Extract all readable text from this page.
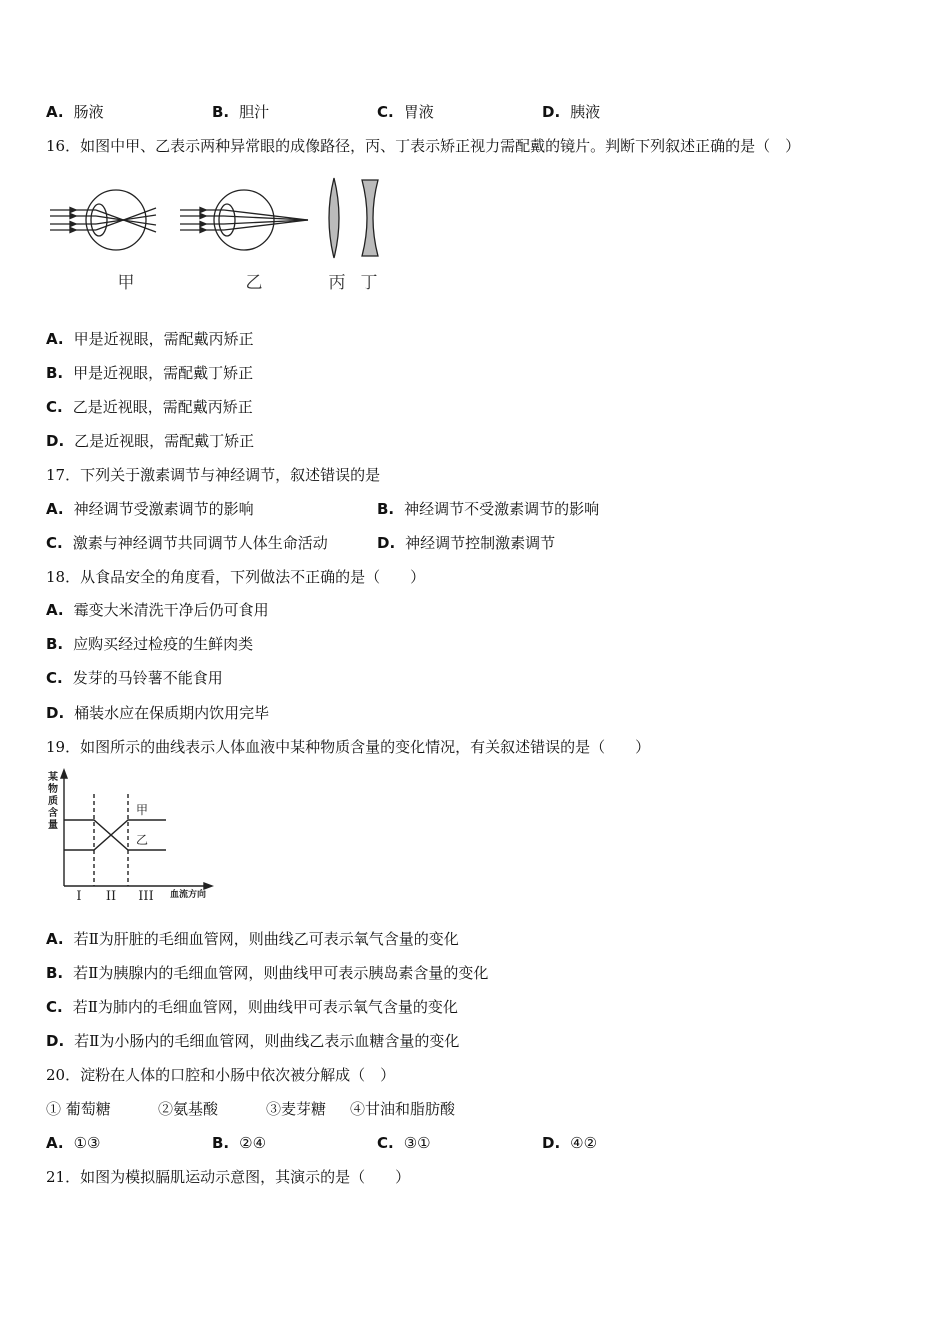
A. 肠液	B. 胆汁	C. 胃液	D. 胰液
16．如图中甲、乙表示两种异常眼的成像路径，丙、丁表示矫正视力需配戴的镜片。判断下列叙述正确的是（　）
甲	乙	丙 丁
A. 甲是近视眼，需配戴丙矫正
B. 甲是近视眼，需配戴丁矫正
C. 乙是近视眼，需配戴丙矫正
D. 乙是近视眼，需配戴丁矫正
17．下列关于激素调节与神经调节，叙述错误的是
A. 神经调节受激素调节的影响	B. 神经调节不受激素调节的影响
C. 激素与神经调节共同调节人体生命活动	D. 神经调节控制激素调节
18．从食品安全的角度看，下列做法不正确的是（　　）
A. 霉变大米清洗干净后仍可食用
B. 应购买经过检疫的生鲜肉类
C. 发芽的马铃薯不能食用
D. 桶装水应在保质期内饮用完毕
19．如图所示的曲线表示人体血液中某种物质含量的变化情况，有关叙述错误的是（　　）
某
物
质
含
量
I II III 血流方向
甲
乙
A. 若Ⅱ为肝脏的毛细血管网，则曲线乙可表示氧气含量的变化
B. 若Ⅱ为胰腺内的毛细血管网，则曲线甲可表示胰岛素含量的变化
C. 若Ⅱ为肺内的毛细血管网，则曲线甲可表示氧气含量的变化
D. 若Ⅱ为小肠内的毛细血管网，则曲线乙表示血糖含量的变化
20．淀粉在人体的口腔和小肠中依次被分解成（　）
① 葡萄糖	②氨基酸	③麦芽糖 ④甘油和脂肪酸
A. ①③	B. ②④	C. ③①	D. ④②
21．如图为模拟膈肌运动示意图，其演示的是（　　）
